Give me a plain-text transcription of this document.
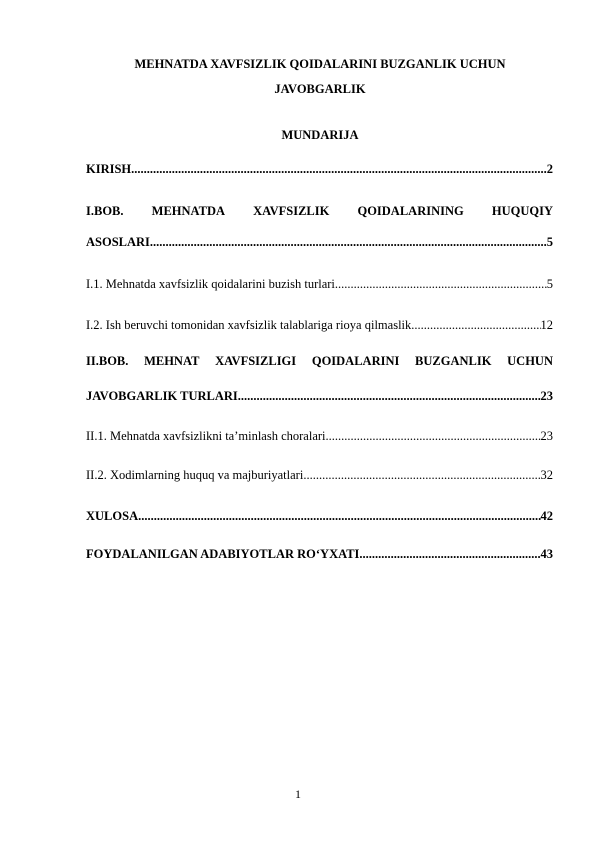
MEHNATDA XAVFSIZLIK QOIDALARINI BUZGANLIK UCHUN
JAVOBGARLIK
MUNDARIJA
KIRISH .....	2
I.BOB. MEHNATDA XAVFSIZLIK QOIDALARINING HUQUQIY
ASOSLARI .....	5
I.1. Mehnatda xavfsizlik qoidalarini buzish turlari .....	5
I.2. Ish beruvchi tomonidan xavfsizlik talablariga rioya qilmaslik .....	12
II.BOB. MEHNAT XAVFSIZLIGI QOIDALARINI BUZGANLIK UCHUN
JAVOBGARLIK TURLARI .....	23
II.1. Mehnatda xavfsizlikni ta’minlash choralari .....	23
II.2. Xodimlarning huquq va majburiyatlari .....	32
XULOSA .....	42
FOYDALANILGAN ADABIYOTLAR RO‘YXATI .....	43
1
